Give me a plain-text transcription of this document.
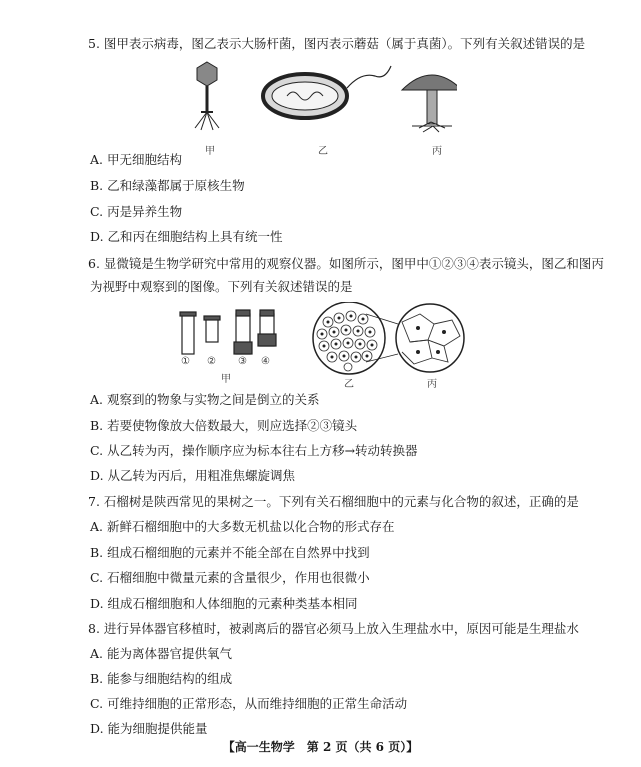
5. 图甲表示病毒，图乙表示大肠杆菌，图丙表示蘑菇（属于真菌）。下列有关叙述错误的是
甲	乙	丙
A. 甲无细胞结构
B. 乙和绿藻都属于原核生物
C. 丙是异养生物
D. 乙和丙在细胞结构上具有统一性
6. 显微镜是生物学研究中常用的观察仪器。如图所示，图甲中①②③④表示镜头，图乙和图丙
为视野中观察到的图像。下列有关叙述错误的是
① ② ③ ④
甲	乙	丙
A. 观察到的物象与实物之间是倒立的关系
B. 若要使物像放大倍数最大，则应选择②③镜头
C. 从乙转为丙，操作顺序应为标本往右上方移→转动转换器
D. 从乙转为丙后，用粗准焦螺旋调焦
7. 石榴树是陕西常见的果树之一。下列有关石榴细胞中的元素与化合物的叙述，正确的是
A. 新鲜石榴细胞中的大多数无机盐以化合物的形式存在
B. 组成石榴细胞的元素并不能全部在自然界中找到
C. 石榴细胞中微量元素的含量很少，作用也很微小
D. 组成石榴细胞和人体细胞的元素种类基本相同
8. 进行异体器官移植时，被剥离后的器官必须马上放入生理盐水中，原因可能是生理盐水
A. 能为离体器官提供氧气
B. 能参与细胞结构的组成
C. 可维持细胞的正常形态，从而维持细胞的正常生命活动
D. 能为细胞提供能量
【高一生物学　第 2 页（共 6 页）】
